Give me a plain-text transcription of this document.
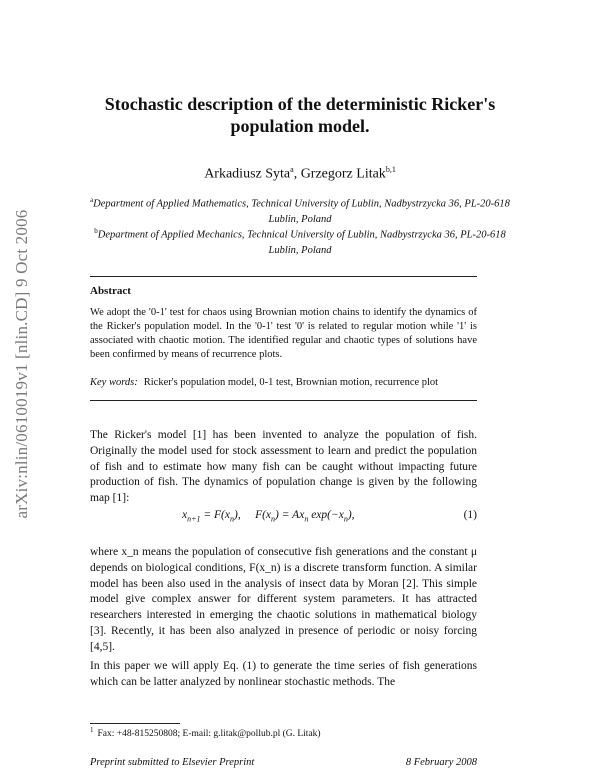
arXiv:nlin/0610019v1 [nlin.CD] 9 Oct 2006
Stochastic description of the deterministic Ricker's population model.
Arkadiusz Syta$^a$, Grzegorz Litak$^{b,1}$
$^a$Department of Applied Mathematics, Technical University of Lublin, Nadbystrzycka 36, PL-20-618 Lublin, Poland
$^b$Department of Applied Mechanics, Technical University of Lublin, Nadbystrzycka 36, PL-20-618 Lublin, Poland
Abstract
We adopt the '0-1' test for chaos using Brownian motion chains to identify the dynamics of the Ricker's population model. In the '0-1' test '0' is related to regular motion while '1' is associated with chaotic motion. The identified regular and chaotic types of solutions have been confirmed by means of recurrence plots.
Key words: Ricker's population model, 0-1 test, Brownian motion, recurrence plot
The Ricker's model [1] has been invented to analyze the population of fish. Originally the model used for stock assessment to learn and predict the population of fish and to estimate how many fish can be caught without impacting future production of fish. The dynamics of population change is given by the following map [1]:
$x_{n+1} = F(x_n)$, $F(x_n) = Ax_n$ $\exp(-x_n)$,	(1)
where x_n means the population of consecutive fish generations and the constant μ depends on biological conditions, F(x_n) is a discrete transform function. A similar model has been also used in the analysis of insect data by Moran [2]. This simple model give complex answer for different system parameters. It has attracted researchers interested in emerging the chaotic solutions in mathematical biology [3]. Recently, it has been also analyzed in presence of periodic or noisy forcing [4,5].
In this paper we will apply Eq. (1) to generate the time series of fish generations which can be latter analyzed by nonlinear stochastic methods. The
$^1$ Fax: +48-815250808; E-mail: g.litak@pollub.pl (G. Litak)
Preprint submitted to Elsevier Preprint	8 February 2008
